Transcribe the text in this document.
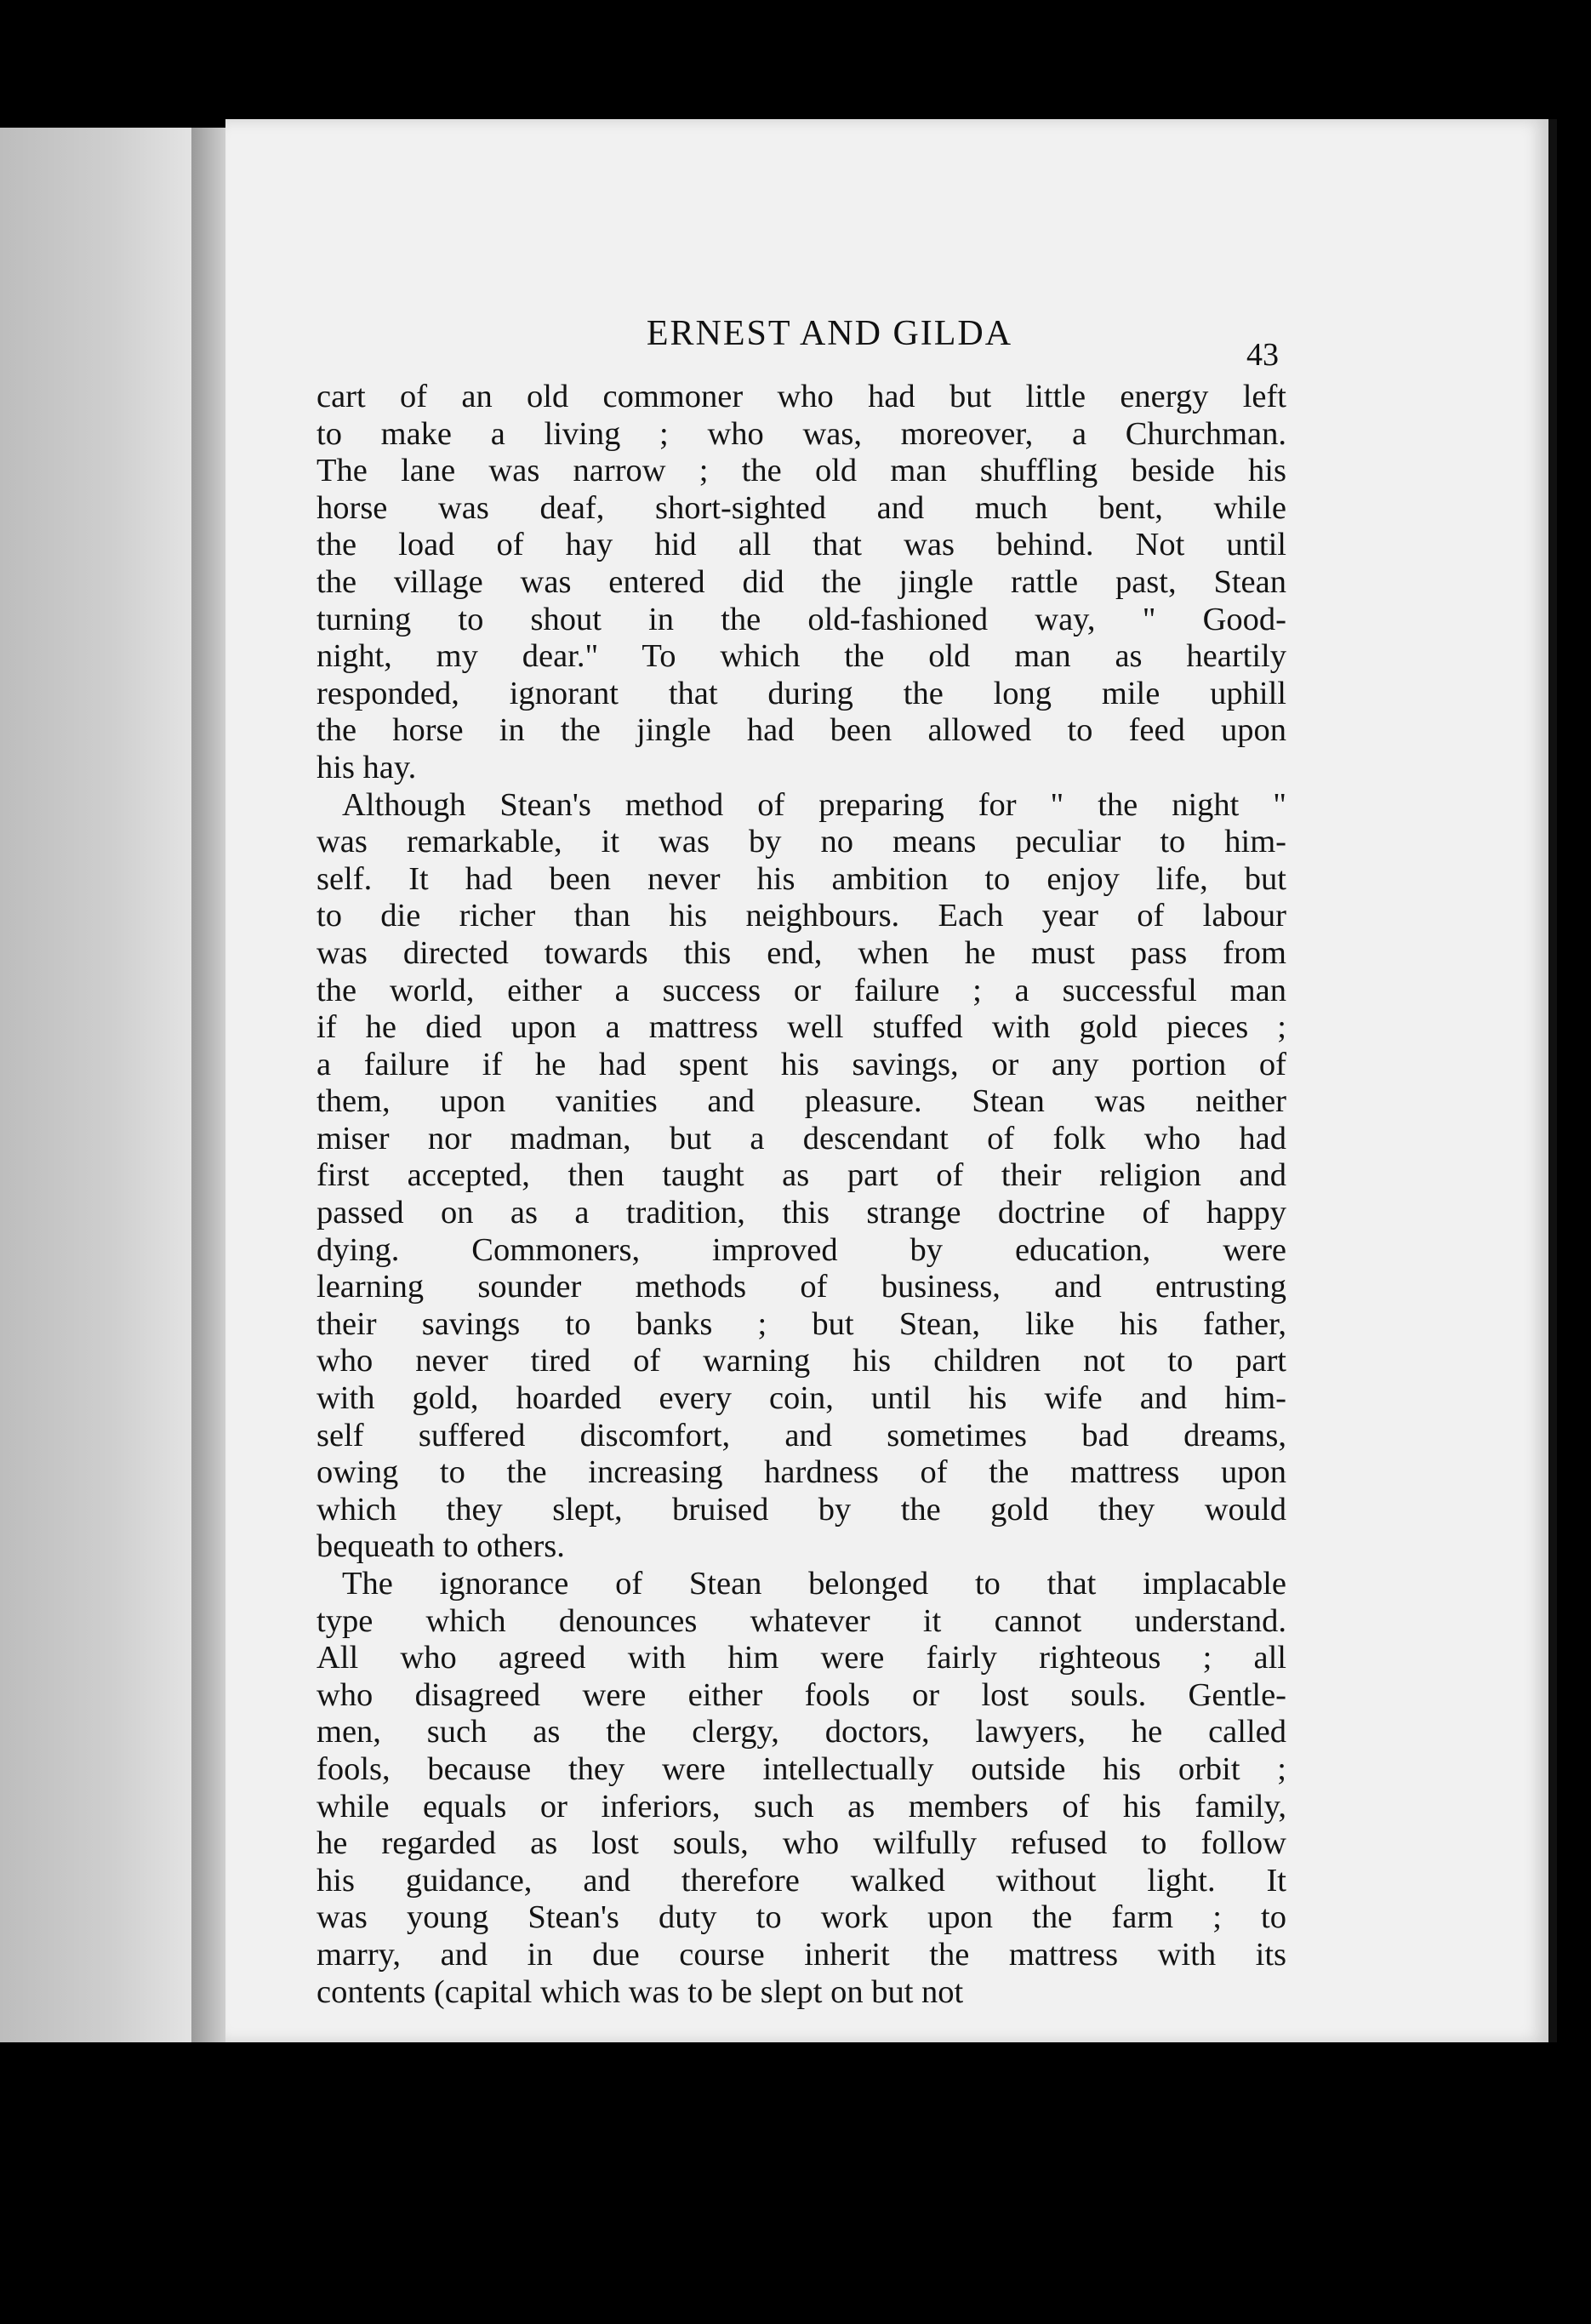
ERNEST AND GILDA
43
cart of an old commoner who had but little energy left
to make a living ; who was, moreover, a Churchman.
The lane was narrow ; the old man shuffling beside his
horse was deaf, short-sighted and much bent, while
the load of hay hid all that was behind. Not until
the village was entered did the jingle rattle past, Stean
turning to shout in the old-fashioned way, " Good-
night, my dear." To which the old man as heartily
responded, ignorant that during the long mile uphill
the horse in the jingle had been allowed to feed upon
his hay.
Although Stean's method of preparing for " the night "
was remarkable, it was by no means peculiar to him-
self. It had been never his ambition to enjoy life, but
to die richer than his neighbours. Each year of labour
was directed towards this end, when he must pass from
the world, either a success or failure ; a successful man
if he died upon a mattress well stuffed with gold pieces ;
a failure if he had spent his savings, or any portion of
them, upon vanities and pleasure. Stean was neither
miser nor madman, but a descendant of folk who had
first accepted, then taught as part of their religion and
passed on as a tradition, this strange doctrine of happy
dying. Commoners, improved by education, were
learning sounder methods of business, and entrusting
their savings to banks ; but Stean, like his father,
who never tired of warning his children not to part
with gold, hoarded every coin, until his wife and him-
self suffered discomfort, and sometimes bad dreams,
owing to the increasing hardness of the mattress upon
which they slept, bruised by the gold they would
bequeath to others.
The ignorance of Stean belonged to that implacable
type which denounces whatever it cannot understand.
All who agreed with him were fairly righteous ; all
who disagreed were either fools or lost souls. Gentle-
men, such as the clergy, doctors, lawyers, he called
fools, because they were intellectually outside his orbit ;
while equals or inferiors, such as members of his family,
he regarded as lost souls, who wilfully refused to follow
his guidance, and therefore walked without light. It
was young Stean's duty to work upon the farm ; to
marry, and in due course inherit the mattress with its
contents (capital which was to be slept on but not
